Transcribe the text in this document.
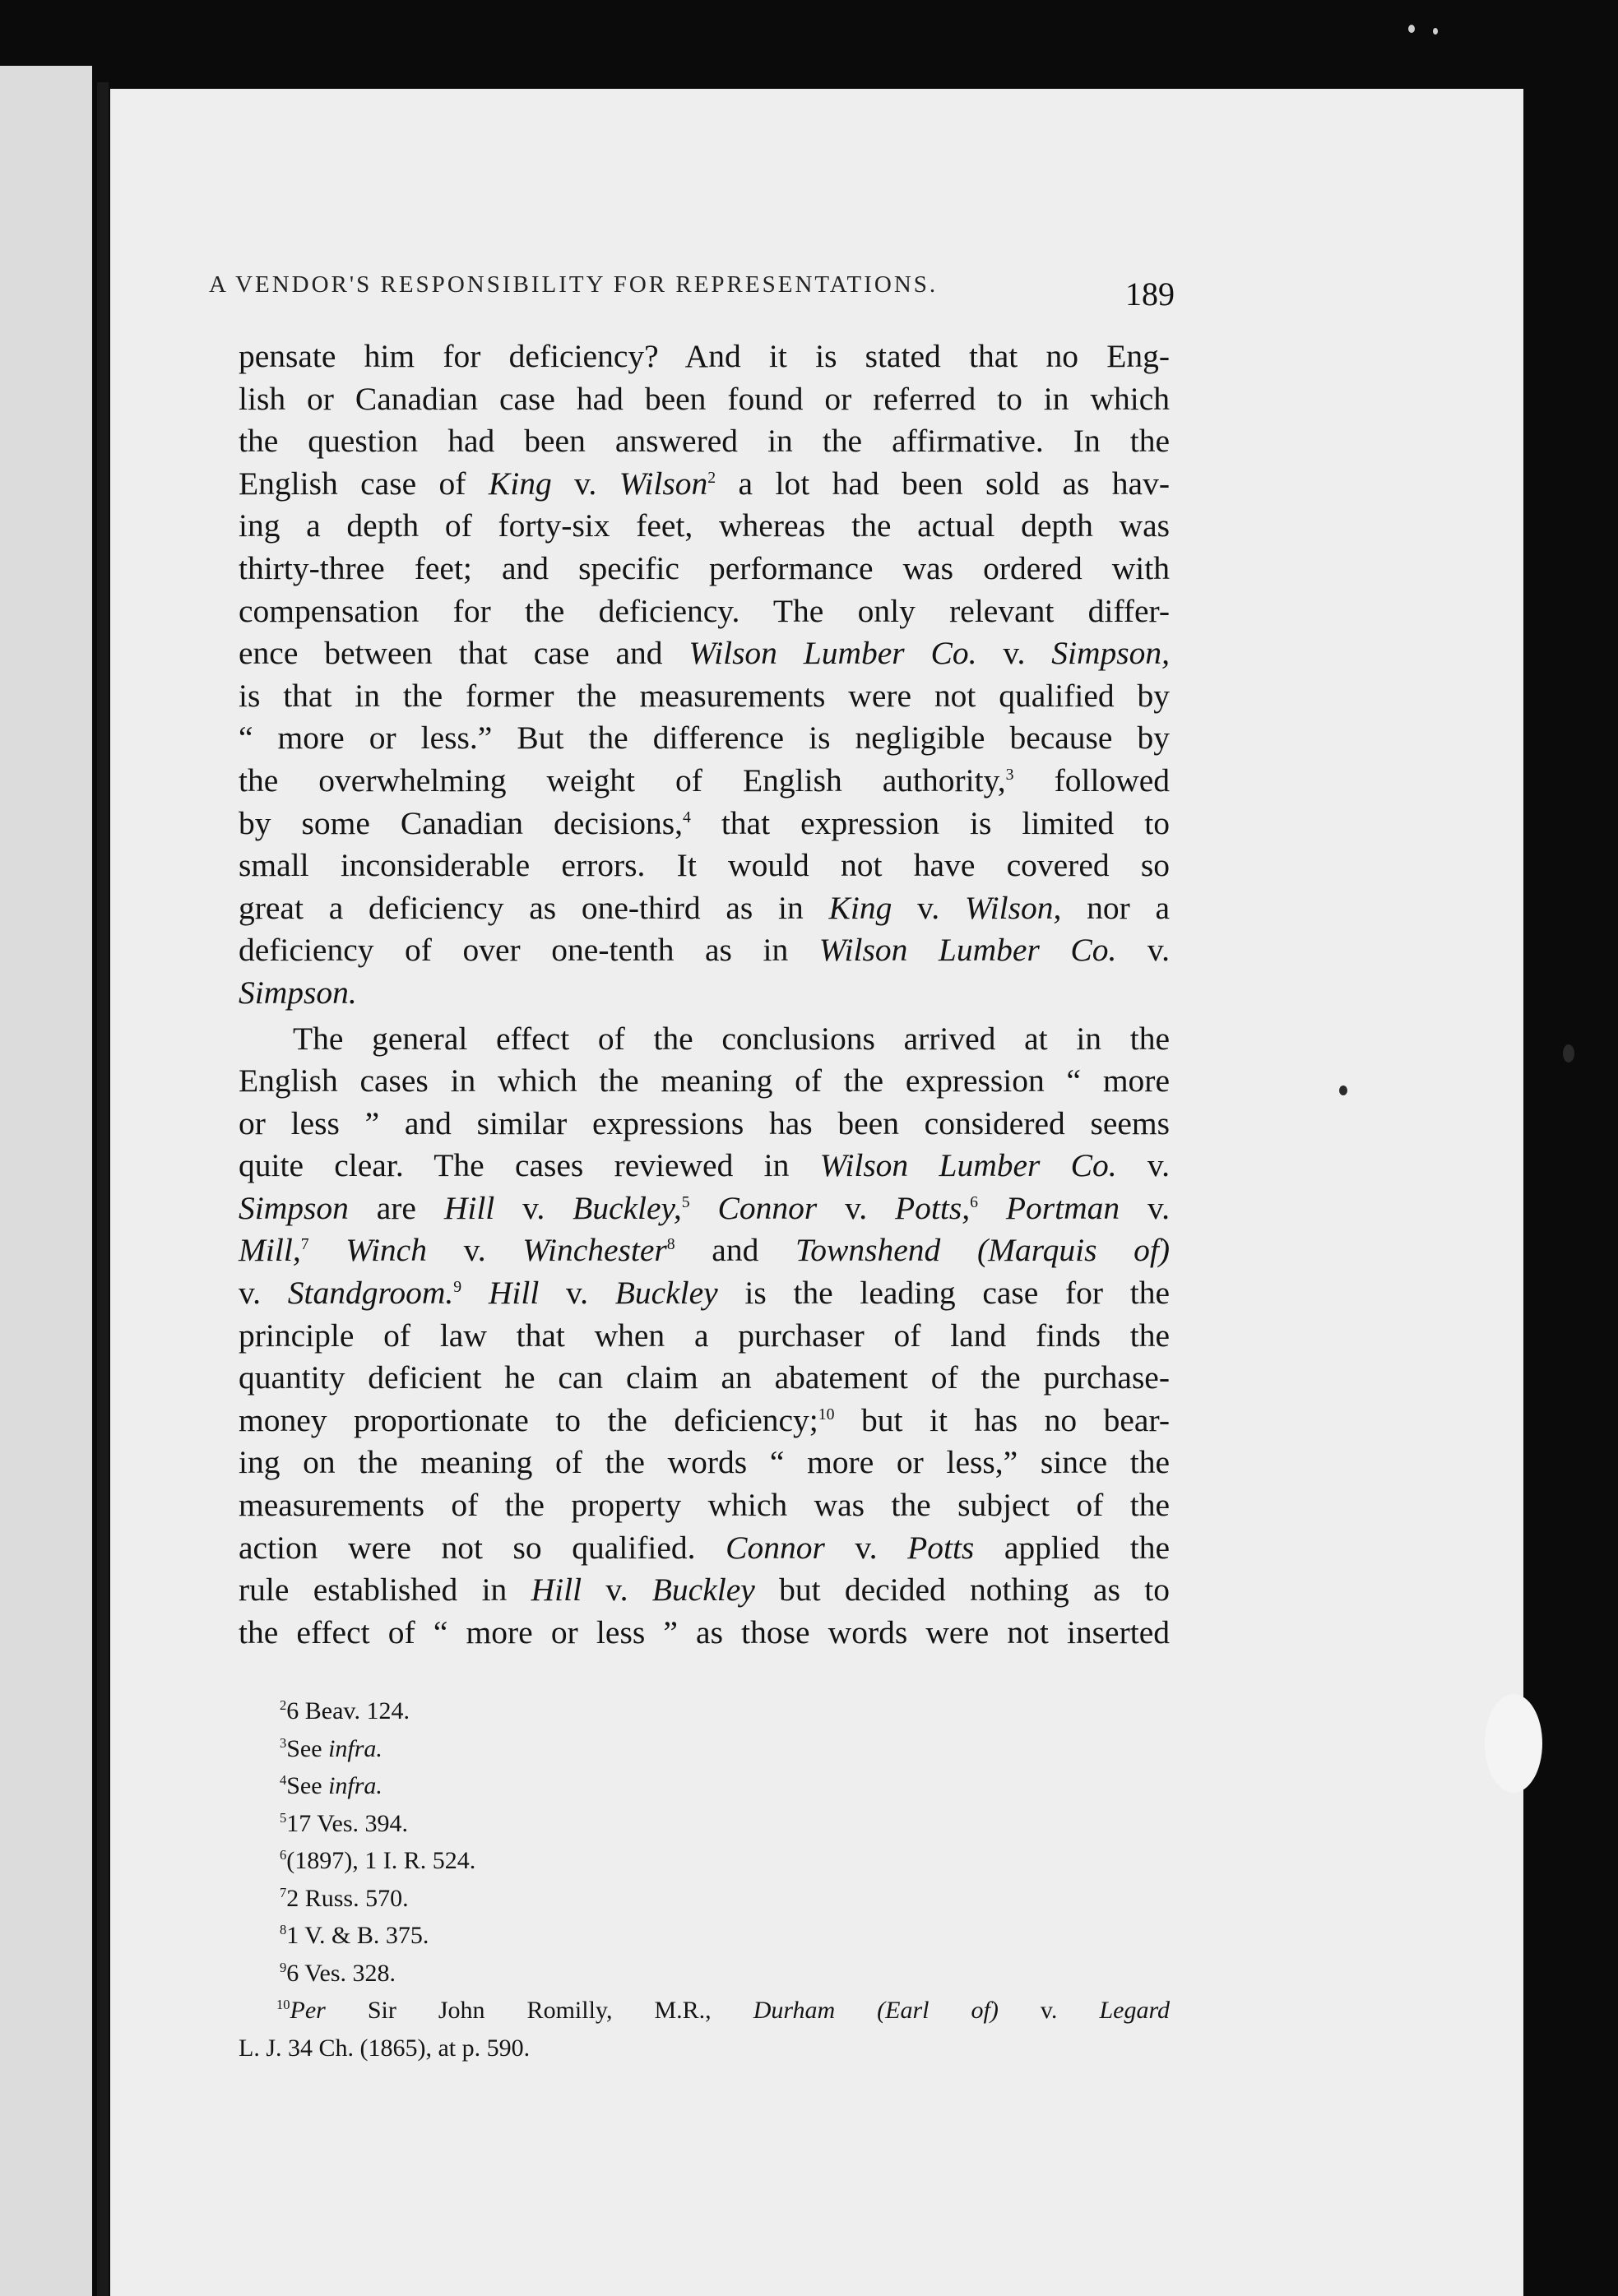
A VENDOR'S RESPONSIBILITY FOR REPRESENTATIONS.	189
pensate him for deficiency? And it is stated that no Eng-
lish or Canadian case had been found or referred to in which
the question had been answered in the affirmative. In the
English case of King v. Wilson$^2$ a lot had been sold as hav-
ing a depth of forty-six feet, whereas the actual depth was
thirty-three feet; and specific performance was ordered with
compensation for the deficiency. The only relevant differ-
ence between that case and Wilson Lumber Co. v. Simpson,
is that in the former the measurements were not qualified by
“ more or less.” But the difference is negligible because by
the overwhelming weight of English authority,$^3$ followed
by some Canadian decisions,$^4$ that expression is limited to
small inconsiderable errors. It would not have covered so
great a deficiency as one-third as in King v. Wilson, nor a
deficiency of over one-tenth as in Wilson Lumber Co. v.
Simpson.
The general effect of the conclusions arrived at in the
English cases in which the meaning of the expression “ more
or less ” and similar expressions has been considered seems
quite clear. The cases reviewed in Wilson Lumber Co. v.
Simpson are Hill v. Buckley,$^5$ Connor v. Potts,$^6$ Portman v.
Mill,$^7$ Winch v. Winchester$^8$ and Townshend (Marquis of)
v. Standgroom.$^9$ Hill v. Buckley is the leading case for the
principle of law that when a purchaser of land finds the
quantity deficient he can claim an abatement of the purchase-
money proportionate to the deficiency;$^{10}$ but it has no bear-
ing on the meaning of the words “ more or less,” since the
measurements of the property which was the subject of the
action were not so qualified. Connor v. Potts applied the
rule established in Hill v. Buckley but decided nothing as to
the effect of “ more or less ” as those words were not inserted
$^2$6 Beav. 124.
$^3$See infra.
$^4$See infra.
$^5$17 Ves. 394.
$^6$(1897), 1 I. R. 524.
$^7$2 Russ. 570.
$^8$1 V. & B. 375.
$^9$6 Ves. 328.
$^{10}$Per Sir John Romilly, M.R., Durham (Earl of) v. Legard
L. J. 34 Ch. (1865), at p. 590.
